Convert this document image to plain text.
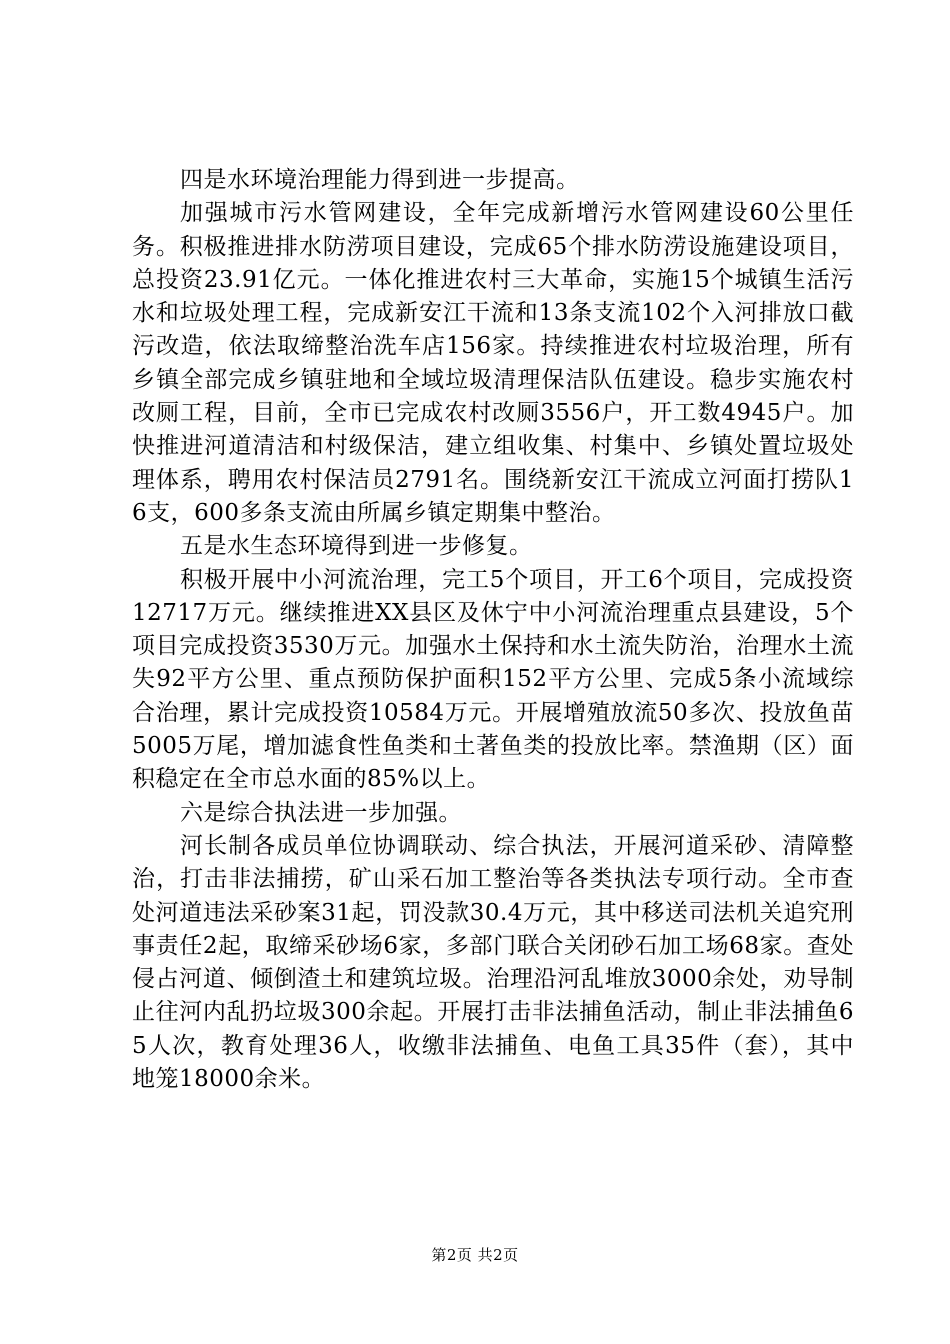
四是水环境治理能力得到进一步提高。

加强城市污水管网建设，全年完成新增污水管网建设60公里任务。积极推进排水防涝项目建设，完成65个排水防涝设施建设项目，总投资23.91亿元。一体化推进农村三大革命，实施15个城镇生活污水和垃圾处理工程，完成新安江干流和13条支流102个入河排放口截污改造，依法取缔整治洗车店156家。持续推进农村垃圾治理，所有乡镇全部完成乡镇驻地和全域垃圾清理保洁队伍建设。稳步实施农村改厕工程，目前，全市已完成农村改厕3556户，开工数4945户。加快推进河道清洁和村级保洁，建立组收集、村集中、乡镇处置垃圾处理体系，聘用农村保洁员2791名。围绕新安江干流成立河面打捞队16支，600多条支流由所属乡镇定期集中整治。

五是水生态环境得到进一步修复。

积极开展中小河流治理，完工5个项目，开工6个项目，完成投资12717万元。继续推进XX县区及休宁中小河流治理重点县建设，5个项目完成投资3530万元。加强水土保持和水土流失防治，治理水土流失92平方公里、重点预防保护面积152平方公里、完成5条小流域综合治理，累计完成投资10584万元。开展增殖放流50多次、投放鱼苗5005万尾，增加滤食性鱼类和土著鱼类的投放比率。禁渔期（区）面积稳定在全市总水面的85%以上。

六是综合执法进一步加强。

河长制各成员单位协调联动、综合执法，开展河道采砂、清障整治，打击非法捕捞，矿山采石加工整治等各类执法专项行动。全市查处河道违法采砂案31起，罚没款30.4万元，其中移送司法机关追究刑事责任2起，取缔采砂场6家，多部门联合关闭砂石加工场68家。查处侵占河道、倾倒渣土和建筑垃圾。治理沿河乱堆放3000余处，劝导制止往河内乱扔垃圾300余起。开展打击非法捕鱼活动，制止非法捕鱼65人次，教育处理36人，收缴非法捕鱼、电鱼工具35件（套），其中地笼18000余米。

第2页 共2页
